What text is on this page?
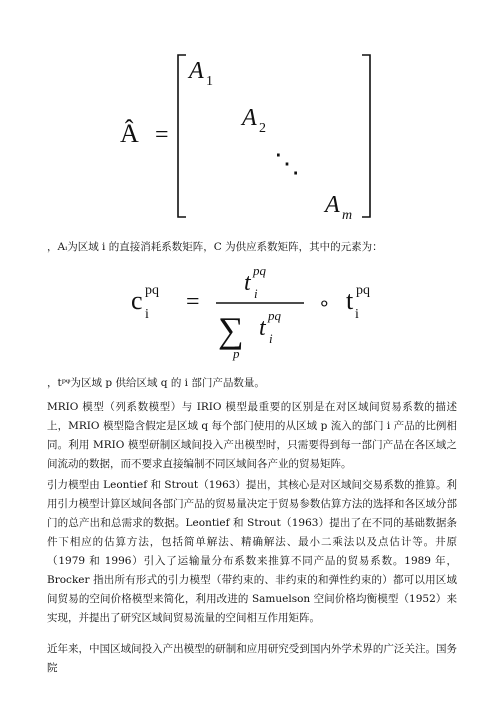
Â =
A 1
A 2
⋱
A m
，Aᵢ为区域 i 的直接消耗系数矩阵，C 为供应系数矩阵，其中的元素为：
c i
pq =
t i
pq
∑
p
t i
pq
∘ t i
pq
，tᵖᵠ为区域 p 供给区域 q 的 i 部门产品数量。

MRIO 模型（列系数模型）与 IRIO 模型最重要的区别是在对区域间贸易系数的描述上，MRIO 模型隐含假定是区域 q 每个部门使用的从区域 p 流入的部门 i 产品的比例相同。利用 MRIO 模型研制区域间投入产出模型时，只需要得到每一部门产品在各区域之间流动的数据，而不要求直接编制不同区域间各产业的贸易矩阵。

引力模型由 Leontief 和 Strout（1963）提出，其核心是对区域间交易系数的推算。利用引力模型计算区域间各部门产品的贸易量决定于贸易参数估算方法的选择和各区域分部门的总产出和总需求的数据。Leontief 和 Strout（1963）提出了在不同的基础数据条件下相应的估算方法，包括简单解法、精确解法、最小二乘法以及点估计等。井原（1979 和 1996）引入了运输量分布系数来推算不同产品的贸易系数。1989 年，Brocker 指出所有形式的引力模型（带约束的、非约束的和弹性约束的）都可以用区域间贸易的空间价格模型来简化，利用改进的 Samuelson 空间价格均衡模型（1952）来实现，并提出了研究区域间贸易流量的空间相互作用矩阵。

近年来，中国区域间投入产出模型的研制和应用研究受到国内外学术界的广泛关注。国务院
